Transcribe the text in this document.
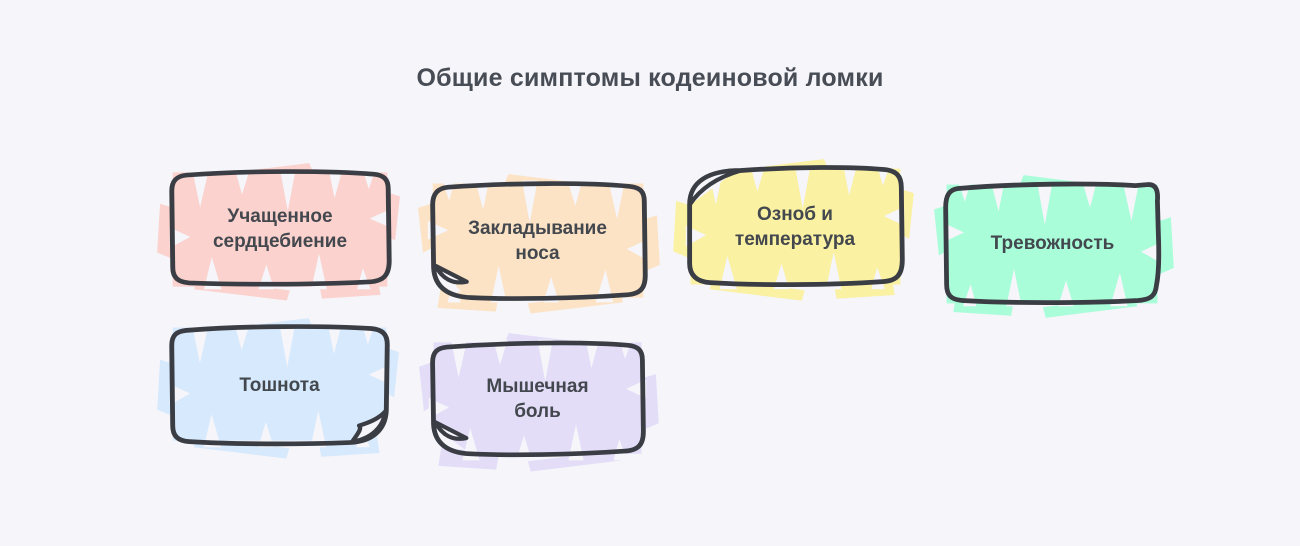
Общие симптомы кодеиновой ломки
Учащенное
сердцебиение
Закладывание
носа
Озноб и
температура	Тревожность
Тошнота	Мышечная
боль
